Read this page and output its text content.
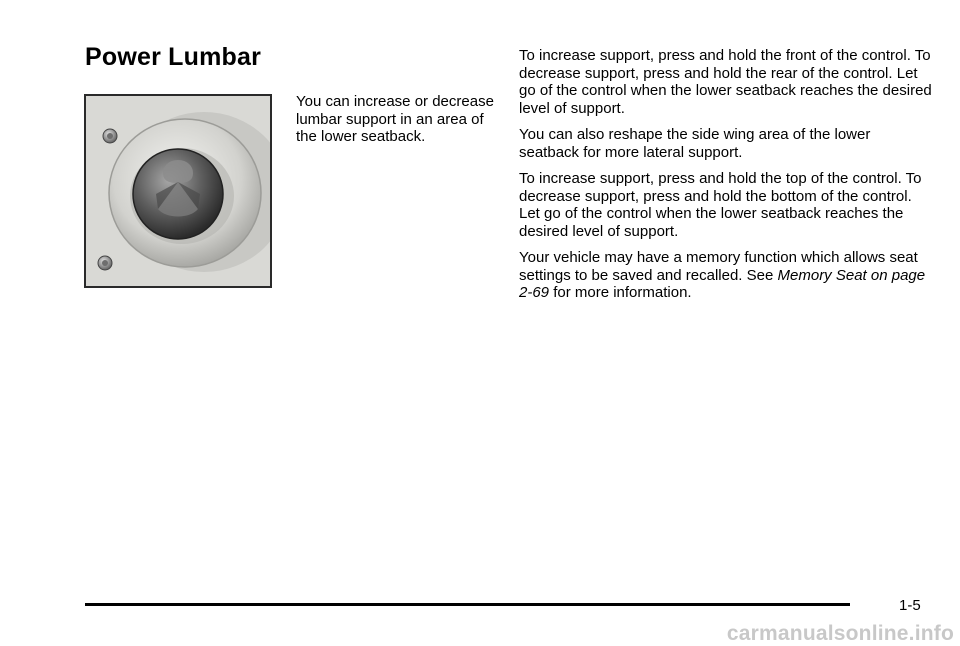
Power Lumbar

You can increase or decrease lumbar support in an area of the lower seatback.

To increase support, press and hold the front of the control. To decrease support, press and hold the rear of the control. Let go of the control when the lower seatback reaches the desired level of support.

You can also reshape the side wing area of the lower seatback for more lateral support.

To increase support, press and hold the top of the control. To decrease support, press and hold the bottom of the control. Let go of the control when the lower seatback reaches the desired level of support.

Your vehicle may have a memory function which allows seat settings to be saved and recalled. See Memory Seat on page 2-69 for more information.

1-5
carmanualsonline.info
